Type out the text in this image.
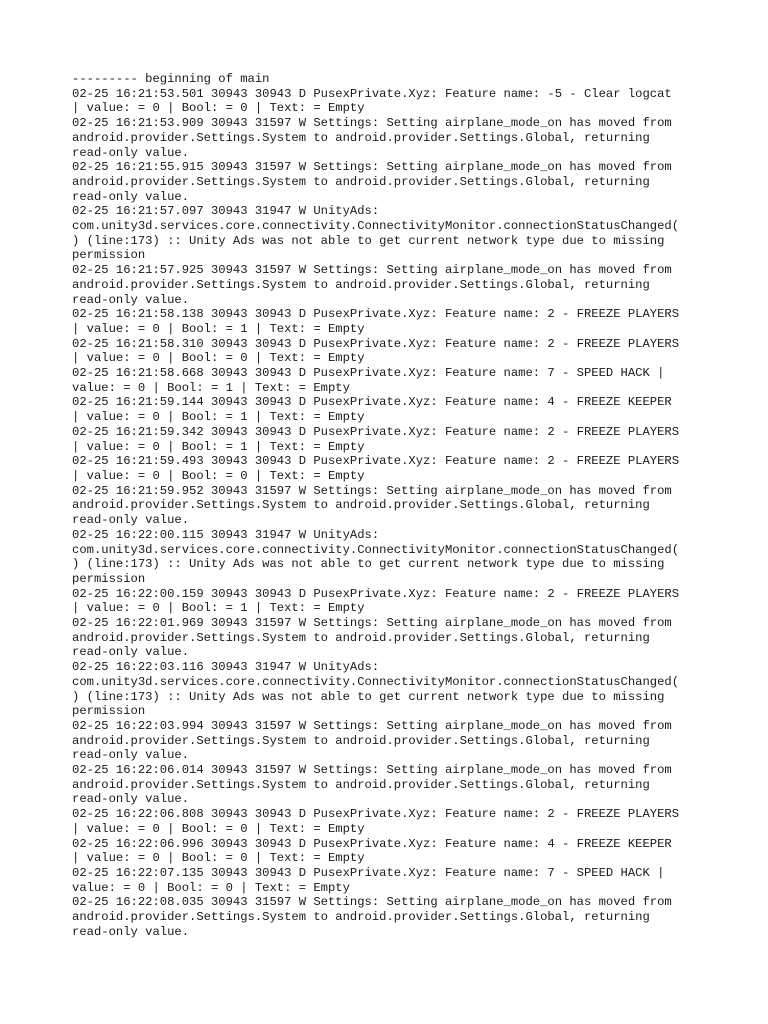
--------- beginning of main
02-25 16:21:53.501 30943 30943 D PusexPrivate.Xyz: Feature name: -5 - Clear logcat
| value: = 0 | Bool: = 0 | Text: = Empty
02-25 16:21:53.909 30943 31597 W Settings: Setting airplane_mode_on has moved from
android.provider.Settings.System to android.provider.Settings.Global, returning
read-only value.
02-25 16:21:55.915 30943 31597 W Settings: Setting airplane_mode_on has moved from
android.provider.Settings.System to android.provider.Settings.Global, returning
read-only value.
02-25 16:21:57.097 30943 31947 W UnityAds:
com.unity3d.services.core.connectivity.ConnectivityMonitor.connectionStatusChanged(
) (line:173) :: Unity Ads was not able to get current network type due to missing
permission
02-25 16:21:57.925 30943 31597 W Settings: Setting airplane_mode_on has moved from
android.provider.Settings.System to android.provider.Settings.Global, returning
read-only value.
02-25 16:21:58.138 30943 30943 D PusexPrivate.Xyz: Feature name: 2 - FREEZE PLAYERS
| value: = 0 | Bool: = 1 | Text: = Empty
02-25 16:21:58.310 30943 30943 D PusexPrivate.Xyz: Feature name: 2 - FREEZE PLAYERS
| value: = 0 | Bool: = 0 | Text: = Empty
02-25 16:21:58.668 30943 30943 D PusexPrivate.Xyz: Feature name: 7 - SPEED HACK |
value: = 0 | Bool: = 1 | Text: = Empty
02-25 16:21:59.144 30943 30943 D PusexPrivate.Xyz: Feature name: 4 - FREEZE KEEPER
| value: = 0 | Bool: = 1 | Text: = Empty
02-25 16:21:59.342 30943 30943 D PusexPrivate.Xyz: Feature name: 2 - FREEZE PLAYERS
| value: = 0 | Bool: = 1 | Text: = Empty
02-25 16:21:59.493 30943 30943 D PusexPrivate.Xyz: Feature name: 2 - FREEZE PLAYERS
| value: = 0 | Bool: = 0 | Text: = Empty
02-25 16:21:59.952 30943 31597 W Settings: Setting airplane_mode_on has moved from
android.provider.Settings.System to android.provider.Settings.Global, returning
read-only value.
02-25 16:22:00.115 30943 31947 W UnityAds:
com.unity3d.services.core.connectivity.ConnectivityMonitor.connectionStatusChanged(
) (line:173) :: Unity Ads was not able to get current network type due to missing
permission
02-25 16:22:00.159 30943 30943 D PusexPrivate.Xyz: Feature name: 2 - FREEZE PLAYERS
| value: = 0 | Bool: = 1 | Text: = Empty
02-25 16:22:01.969 30943 31597 W Settings: Setting airplane_mode_on has moved from
android.provider.Settings.System to android.provider.Settings.Global, returning
read-only value.
02-25 16:22:03.116 30943 31947 W UnityAds:
com.unity3d.services.core.connectivity.ConnectivityMonitor.connectionStatusChanged(
) (line:173) :: Unity Ads was not able to get current network type due to missing
permission
02-25 16:22:03.994 30943 31597 W Settings: Setting airplane_mode_on has moved from
android.provider.Settings.System to android.provider.Settings.Global, returning
read-only value.
02-25 16:22:06.014 30943 31597 W Settings: Setting airplane_mode_on has moved from
android.provider.Settings.System to android.provider.Settings.Global, returning
read-only value.
02-25 16:22:06.808 30943 30943 D PusexPrivate.Xyz: Feature name: 2 - FREEZE PLAYERS
| value: = 0 | Bool: = 0 | Text: = Empty
02-25 16:22:06.996 30943 30943 D PusexPrivate.Xyz: Feature name: 4 - FREEZE KEEPER
| value: = 0 | Bool: = 0 | Text: = Empty
02-25 16:22:07.135 30943 30943 D PusexPrivate.Xyz: Feature name: 7 - SPEED HACK |
value: = 0 | Bool: = 0 | Text: = Empty
02-25 16:22:08.035 30943 31597 W Settings: Setting airplane_mode_on has moved from
android.provider.Settings.System to android.provider.Settings.Global, returning
read-only value.
